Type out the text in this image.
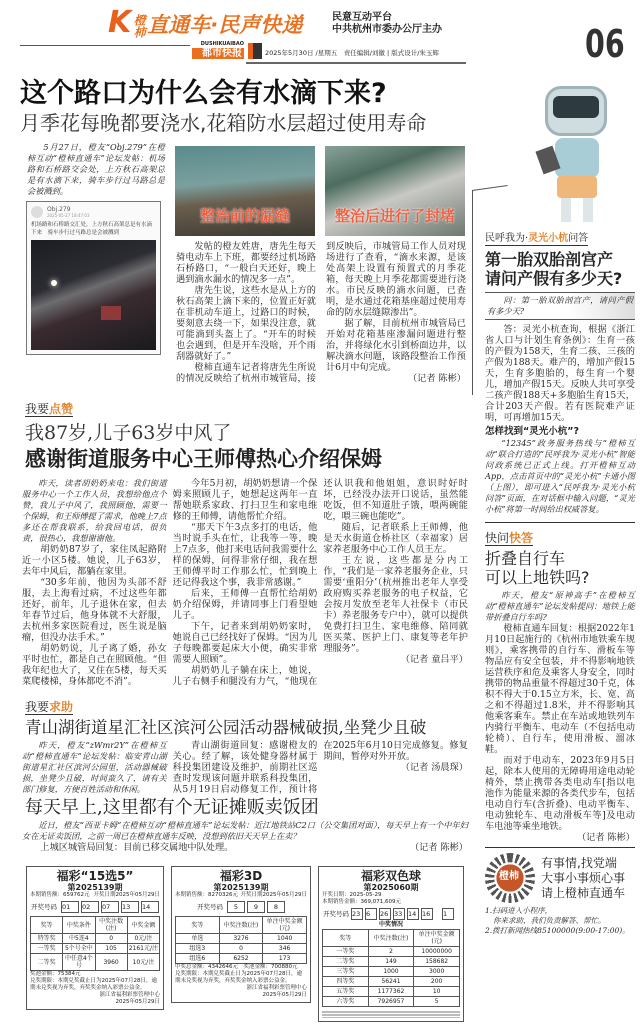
K 橙柿 直通车·民声快递	民意互动平台
中共杭州市委办公厅主办	06
DUSHIKUAIBAO
都市快报	2025年5月30日 /星期五　责任编辑/刘徽 | 版式设计/朱玉辉
这个路口为什么会有水滴下来?
月季花每晚都要浇水,花箱防水层超过使用寿命

5月27日，橙友“Obj.279”在橙柿互动“橙柿直通车”论坛发帖：机场路和石桥路交会处，上方秋石高架总是有水滴下来，骑车步行过马路总是会被溅到。

Obj.279
2025-05-27 18:47:03
机场路和石桥路交汇处，上方秋石高架总是有水滴下来　骑车步行过马路总是会被溅到
整治前的漏缝	整治后进行了封堵

发帖的橙友姓唐，唐先生每天骑电动车上下班，都要经过机场路石桥路口，“一般白天还好，晚上遇到滴水漏水的情况多一点”。

唐先生说，这些水是从上方的秋石高架上滴下来的，位置正好就在非机动车道上，过路口的时候，要刻意去绕一下，如果没注意，就可能滴到头盔上了。“开车的时候也会遇到，但是开车没啥，开个雨刮器就好了。”

橙柿直通车记者将唐先生所说的情况反映给了杭州市城管局，接到反映后，市城管局工作人员对现场进行了查看，“滴水来源，是该处高架上设置有预置式的月季花箱，每天晚上月季花都需要进行浇水。市民反映的滴水问题，已查明，是水通过花箱基座超过使用寿命的防水层缝隙渗出”。

据了解，目前杭州市城管局已开始对花箱基座渗漏问题进行整治，并将绿化水引到桥面边井，以解决滴水问题，该路段整治工作预计6月中旬完成。

（记者 陈彬）

民呼我为·灵光小杭问答
第一胎双胎剖宫产
请问产假有多少天?

问：第一胎双胎剖宫产，请问产假有多少天?

答：灵光小杭查询，根据《浙江省人口与计划生育条例》：生育一孩的产假为158天，生育二孩、三孩的产假为188天。难产的，增加产假15天，生育多胞胎的，每生育一个婴儿，增加产假15天。反映人共可享受二孩产假188天+多胞胎生育15天，合计203天产假。若有医院难产证明，可再增加15天。

怎样找到“灵光小杭”?

“12345”政务服务热线与“橙柿互动”联合打造的“民呼我为·灵光小杭”智能问政系统已正式上线。打开橙柿互动App，点击首页中的“灵光小杭”卡通小图（上图），即可进入“民呼我为·灵光小杭问答”页面，在对话框中输入问题，“灵光小杭”将第一时间给出权威答复。

快问快答
折叠自行车
可以上地铁吗?

昨天，橙友“原神高手”在橙柿互动“橙柿直通车”论坛发帖提问：地铁上能带折叠自行车吗?

橙柿直通车回复：根据2022年1月10日起施行的《杭州市地铁乘车规则》，乘客携带的自行车、滑板车等物品应有安全包装，并不得影响地铁运营秩序和危及乘客人身安全，同时携带的物品重量不得超过30千克，体积不得大于0.15立方米，长、宽、高之和不得超过1.8米，并不得影响其他乘客乘车。禁止在车站或地铁列车内骑行平衡车、电动车（不包括电动轮椅）、自行车，使用滑板、溜冰鞋。

而对于电动车，2023年9月5日起，除本人使用的无障碍用途电动轮椅外，禁止携带各类电动车[指以电池作为能量来源的各类代步车，包括电动自行车(含折叠)、电动平衡车、电动独轮车、电动滑板车等]及电动车电池等乘坐地铁。

（记者 陈彬）

橙柿
有事情,找党端
大事小事烦心事
请上橙柿直通车
1.扫码进入小程序，
你来求助，我们负责解答、帮忙。
2.拨打新闻热线85100000(9:00-17:00)。
我要点赞
我87岁,儿子63岁中风了
感谢街道服务中心王师傅热心介绍保姆

昨天，读者胡奶奶来电：我们街道服务中心一个工作人员，我想给他点个赞，我儿子中风了，我照顾他，需要一个保姆，和王师傅提了需求，他晚上7点多还在帮我联系，给我回电话，很负责，很热心，我想谢谢他。

胡奶奶87岁了，家住凤起路附近一小区5楼。她说，儿子63岁，去年中风后，都躺在家里。

“30多年前，他因为头部不舒服，去上海看过病，不过这些年都还好，前年，儿子退休在家，但去年春节过后，他身体就不大舒服，去杭州多家医院看过，医生说是脑瘤，但没办法手术。”

胡奶奶说，儿子离了婚，孙女平时也忙，都是自己在照顾他。“但我年纪也大了，又住在5楼，每天买菜爬楼梯，身体都吃不消”。

今年5月初，胡奶奶想请一个保姆来照顾儿子，她想起这两年一直帮她联系家政、打扫卫生和家电维修的王师傅，请他帮忙介绍。

“那天下午3点多打的电话，他当时说手头在忙，让我等一等，晚上7点多，他打来电话问我需要什么样的保姆，问得非常仔细，我在想王师傅平时工作那么忙，忙到晚上还记得我这个事，我非常感谢。”

后来，王师傅一直帮忙给胡奶奶介绍保姆，并请同事上门看望她儿子。

下午，记者来到胡奶奶家时，她说自己已经找好了保姆。“因为儿子每晚都要起床大小便，确实非常需要人照顾”。

胡奶奶儿子躺在床上，她说，儿子右侧手和腿没有力气，“他现在还认识我和他姐姐，意识时好时坏，已经没办法开口说话，虽然能吃饭，但不知道肚子饿，喂两碗能吃，喂三碗也能吃”。

随后，记者联系上王师傅，他是天水街道仓桥社区（幸福家）居家养老服务中心工作人员王左。

王左说，这些都是分内工作，“我们是一家养老服务企业，只需要‘重阳分’（杭州推出老年人享受政府购买养老服务的电子权益，它会按月发放至老年人社保卡（市民卡）养老服务专户中），就可以提供免费打扫卫生、家电维修、陪同就医买菜、医护上门、康复等老年护理服务”。

（记者 童吕平）

我要求助
青山湖街道星汇社区滨河公园活动器械破损,坐凳少且破

昨天，橙友“zWmr2Y”在橙柿互动“橙柿直通车”论坛发帖：临安青山湖街道星汇社区滨河公园里，活动器械破损，坐凳少且破，时间蛮久了，请有关部门修复，方便百姓活动和休闲。

青山湖街道回复：感谢橙友的关心。经了解，该处健身器材属于科投集团建设及维护，前期社区巡查时发现该问题并联系科投集团，从5月19日启动修复工作，预计将在2025年6月10日完成修复。修复期间，暂停对外开放。

（记者 汤晨琛）

每天早上,这里都有个无证摊贩卖饭团

近日，橙友“西亚卡姆”在橙柿互动“橙柿直通车”论坛发帖：近江地铁站C2口（公交集团对面），每天早上有一个中年妇女在无证卖饭团，之前一周已在橙柿直通车反映，没想到依旧天天早上在卖？

上城区城管局回复：目前已移交属地中队处理。	（记者 陈彬）

福彩“15选5”
第2025139期
本期销售额：659762元 开奖日期2025年05月29日
开奖号码 01 02 07 13 14
奖等	中奖条件	中奖注数(注)	中奖金额
特等奖	中5连4	0	0元/注
一等奖	5个号全中	105	2161元/注
二等奖	中任意4个号	3960	10元/注
奖池金额：75384元
兑奖期限：本期兑奖截止日为2025年07月28日，逾期未兑奖视为弃奖，弃奖奖金纳入彩票公益金。
浙江省福利彩票管理中心
2025年05月29日
福彩3D
第2025139期
本期销售额：8270326元 开奖日期2025年05月29日
开奖号码 5 9 8
奖等	中奖注数(注)	单注中奖金额(元)
单选	3276	1040
组选3	0	346
组选6	6252	173
中奖总金额：4342646元　奖池金额：700880元
兑奖期限：本期兑奖截止日为2025年07月28日，逾期未兑奖视为弃奖，弃奖奖金纳入彩票公益金。
浙江省福利彩票管理中心
2025年05月29日
福彩双色球
第2025060期
开奖日期：2025-05-29
本期销售金额：369,071,609元
开奖号码 23 6 26 33 14 16 1
中奖情况
奖等	中奖注数(注)	单注中奖金额(元)
一等奖	2	10000000
二等奖	149	158682
三等奖	1000	3000
四等奖	56241	200
五等奖	1177362	10
六等奖	7926957	5
